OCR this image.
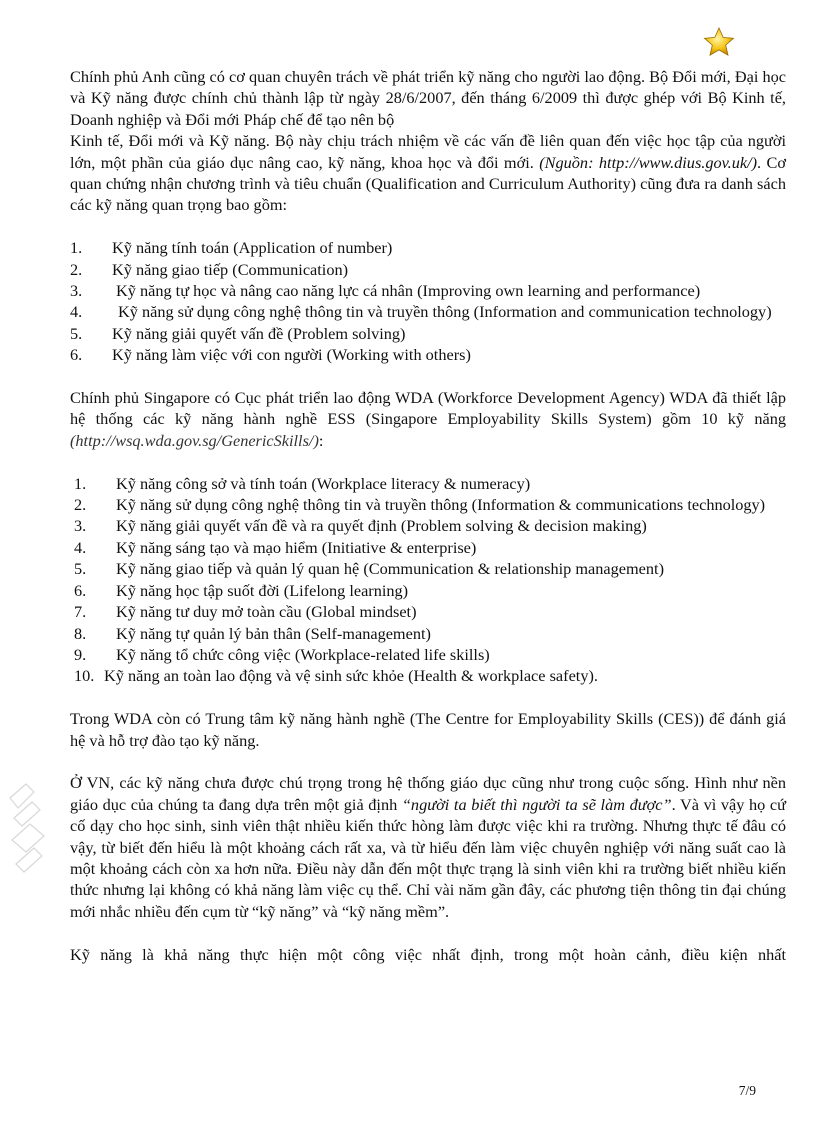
Chính phủ Anh cũng có cơ quan chuyên trách về phát triển kỹ năng cho người lao động. Bộ Đổi mới, Đại học và Kỹ năng được chính chủ thành lập từ ngày 28/6/2007, đến tháng 6/2009 thì được ghép với Bộ Kinh tế, Doanh nghiệp và Đổi mới Pháp chế để tạo nên bộ

Kinh tế, Đổi mới và Kỹ năng. Bộ này chịu trách nhiệm về các vấn đề liên quan đến việc học tập của người lớn, một phần của giáo dục nâng cao, kỹ năng, khoa học và đổi mới. (Nguồn: http://www.dius.gov.uk/). Cơ quan chứng nhận chương trình và tiêu chuẩn (Qualification and Curriculum Authority) cũng đưa ra danh sách các kỹ năng quan trọng bao gồm:

1.	Kỹ năng tính toán (Application of number)
2.	Kỹ năng giao tiếp (Communication)
3.	Kỹ năng tự học và nâng cao năng lực cá nhân (Improving own learning and performance)
4.	Kỹ năng sử dụng công nghệ thông tin và truyền thông (Information and communication technology)
5.	Kỹ năng giải quyết vấn đề (Problem solving)
6.	Kỹ năng làm việc với con người (Working with others)

Chính phủ Singapore có Cục phát triển lao động WDA (Workforce Development Agency) WDA đã thiết lập hệ thống các kỹ năng hành nghề ESS (Singapore Employability Skills System) gồm 10 kỹ năng (http://wsq.wda.gov.sg/GenericSkills/):

1.	Kỹ năng công sở và tính toán (Workplace literacy & numeracy)
2.	Kỹ năng sử dụng công nghệ thông tin và truyền thông (Information & communications technology)
3.	Kỹ năng giải quyết vấn đề và ra quyết định (Problem solving & decision making)
4.	Kỹ năng sáng tạo và mạo hiểm (Initiative & enterprise)
5.	Kỹ năng giao tiếp và quản lý quan hệ (Communication & relationship management)
6.	Kỹ năng học tập suốt đời (Lifelong learning)
7.	Kỹ năng tư duy mở toàn cầu (Global mindset)
8.	Kỹ năng tự quản lý bản thân (Self-management)
9.	Kỹ năng tổ chức công việc (Workplace-related life skills)
10. Kỹ năng an toàn lao động và vệ sinh sức khỏe (Health & workplace safety).

Trong WDA còn có Trung tâm kỹ năng hành nghề (The Centre for Employability Skills (CES)) để đánh giá hệ và hỗ trợ đào tạo kỹ năng.

Ở VN, các kỹ năng chưa được chú trọng trong hệ thống giáo dục cũng như trong cuộc sống. Hình như nền giáo dục của chúng ta đang dựa trên một giả định “người ta biết thì người ta sẽ làm được”. Và vì vậy họ cứ cố dạy cho học sinh, sinh viên thật nhiều kiến thức hòng làm được việc khi ra trường. Nhưng thực tế đâu có vậy, từ biết đến hiểu là một khoảng cách rất xa, và từ hiểu đến làm việc chuyên nghiệp với năng suất cao là một khoảng cách còn xa hơn nữa. Điều này dẫn đến một thực trạng là sinh viên khi ra trường biết nhiều kiến thức nhưng lại không có khả năng làm việc cụ thể. Chỉ vài năm gần đây, các phương tiện thông tin đại chúng mới nhắc nhiều đến cụm từ “kỹ năng” và “kỹ năng mềm”.

Kỹ năng là khả năng thực hiện một công việc nhất định, trong một hoàn cảnh, điều kiện nhất

7/9
